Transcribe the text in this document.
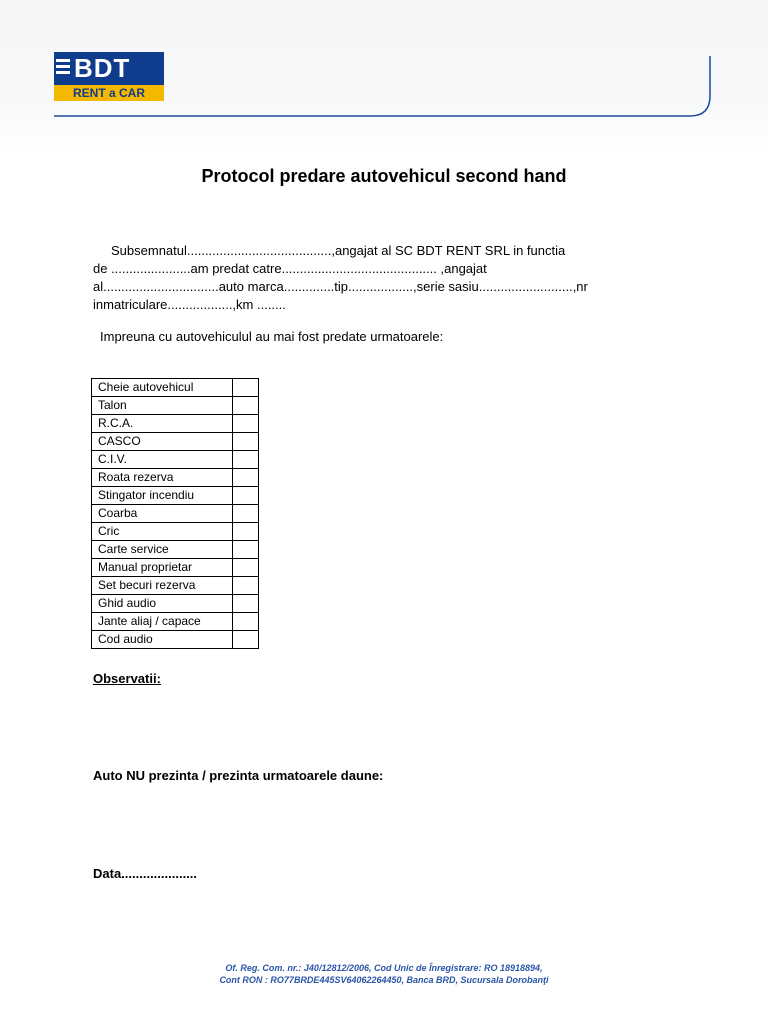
BDT
RENT a CAR
Protocol predare autovehicul second hand
Subsemnatul........................................,angajat al SC BDT RENT SRL in functia
de ......................am predat catre........................................... ,angajat
al................................auto marca..............tip..................,serie sasiu..........................,nr
inmatriculare..................,km ........
Impreuna cu autovehiculul au mai fost predate urmatoarele:
Cheie autovehicul	
Talon	
R.C.A.	
CASCO	
C.I.V.	
Roata rezerva	
Stingator incendiu	
Coarba	
Cric	
Carte service	
Manual proprietar	
Set becuri rezerva	
Ghid audio	
Jante aliaj / capace	
Cod audio	
Observatii:
Auto NU prezinta / prezinta urmatoarele daune:
Data.....................
Of. Reg. Com. nr.: J40/12812/2006, Cod Unic de Înregistrare: RO 18918894,
Cont RON : RO77BRDE445SV64062264450, Banca BRD, Sucursala Dorobanţi
